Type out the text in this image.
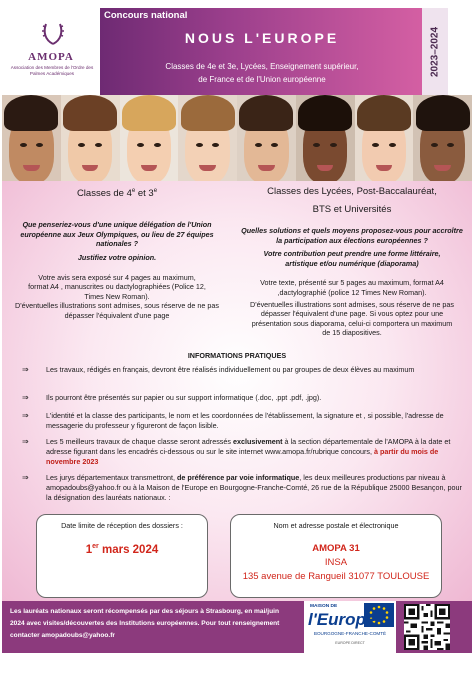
AMOPA
Association des Membres de l'Ordre des Palmes Académiques
Concours national
NOUS L'EUROPE
Classes de 4e et 3e, Lycées, Enseignement supérieur,
de France et de l'Union européenne
2023–2024
Classes de 4e et 3e
Que penseriez-vous d'une unique délégation de l'Union européenne aux Jeux Olympiques, ou lieu de 27 équipes nationales ?
Justifiez votre opinion.
Votre avis sera exposé sur 4 pages au maximum, format A4 , manuscrites ou dactylographiées (Police 12, Times New Roman).
D'éventuelles illustrations sont admises, sous réserve de ne pas dépasser l'équivalent d'une page
Classes des Lycées, Post-Baccalauréat,
BTS et Universités
Quelles solutions et quels moyens proposez-vous pour accroître la participation aux élections européennes ?
Votre contribution peut prendre une forme littéraire, artistique et/ou numérique (diaporama)
Votre texte, présenté sur 5 pages au maximum, format A4 ,dactylographié (police 12 Times New Roman).
D'éventuelles illustrations sont admises, sous réserve de ne pas dépasser l'équivalent d'une page. Si vous optez pour une présentation sous diaporama, celui-ci comportera un maximum de 15 diapositives.
INFORMATIONS PRATIQUES
⇒ Les travaux, rédigés en français, devront être réalisés individuellement ou par groupes de deux élèves au maximum
⇒ Ils pourront être présentés sur papier ou sur support informatique (.doc, .ppt .pdf, .jpg).
⇒ L'identité et la classe des participants, le nom et les coordonnées de l'établissement, la signature et , si possible, l'adresse de messagerie du professeur y figureront de façon lisible.
⇒ Les 5 meilleurs travaux de chaque classe seront adressés exclusivement à la section départementale de l'AMOPA à la date et adresse figurant dans les encadrés ci-dessous ou sur le site internet www.amopa.fr/rubrique concours, à partir du mois de novembre 2023
⇒ Les jurys départementaux transmettront, de préférence par voie informatique, les deux meilleures productions par niveau à amopadoubs@yahoo.fr ou à la Maison de l'Europe en Bourgogne-Franche-Comté, 26 rue de la République 25000 Besançon, pour la désignation des lauréats nationaux. :
Date limite de réception des dossiers :
1er mars 2024
Nom et adresse postale et électronique
AMOPA 31
INSA
135 avenue de Rangueil 31077 TOULOUSE
Les lauréats nationaux seront récompensés par des séjours à Strasbourg, en mai/juin 2024 avec visites/découvertes des Institutions européennes. Pour tout renseignement contacter amopadoubs@yahoo.fr
MAISON DE
l'Europe
BOURGOGNE-FRANCHE-COMTÉ
EUROPE DIRECT
